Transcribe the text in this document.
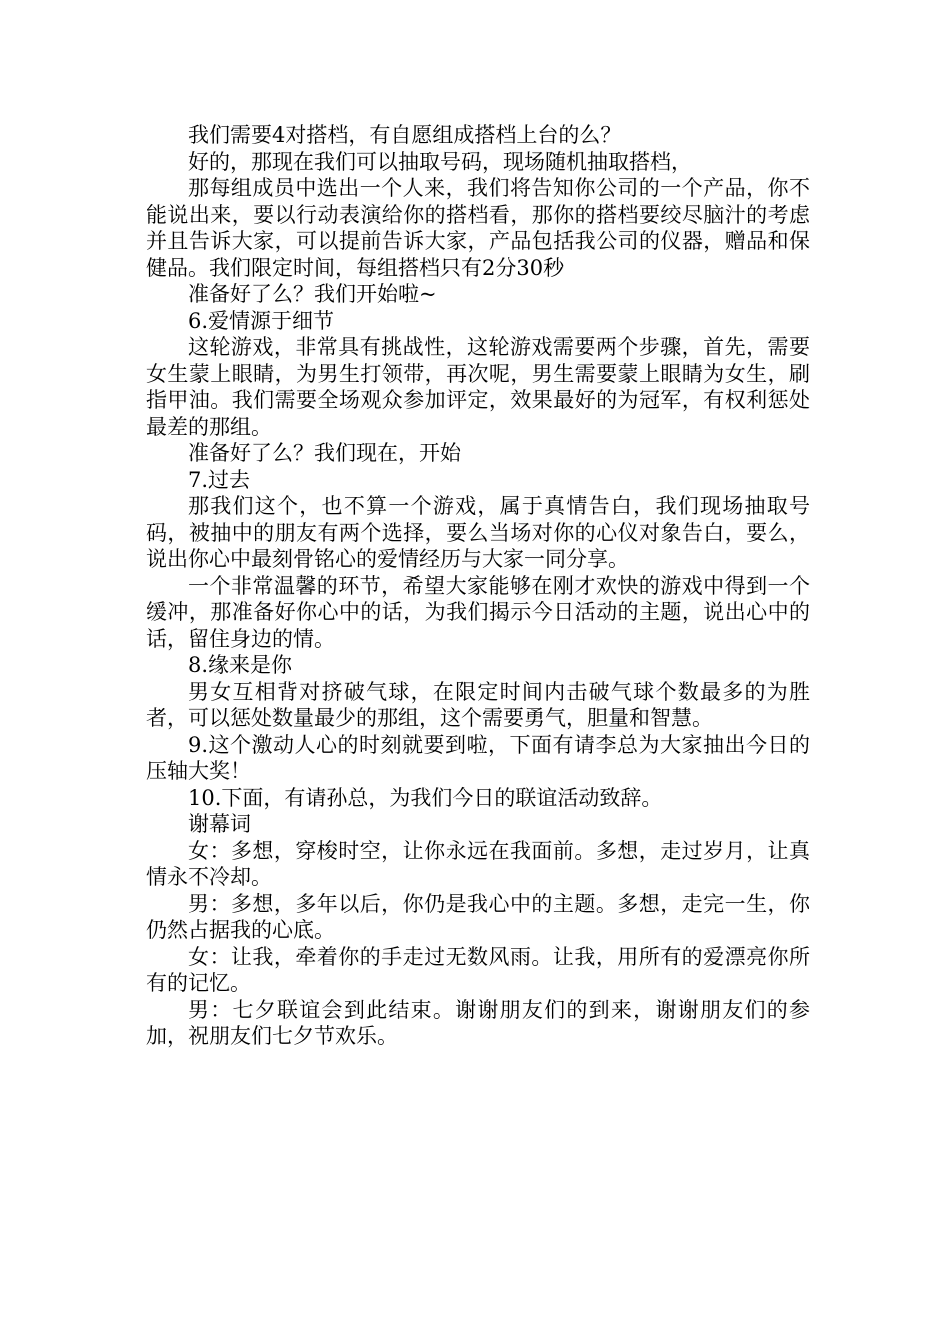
我们需要4对搭档，有自愿组成搭档上台的么？

好的，那现在我们可以抽取号码，现场随机抽取搭档，

那每组成员中选出一个人来，我们将告知你公司的一个产品，你不能说出来，要以行动表演给你的搭档看，那你的搭档要绞尽脑汁的考虑并且告诉大家，可以提前告诉大家，产品包括我公司的仪器，赠品和保健品。我们限定时间，每组搭档只有2分30秒

准备好了么？我们开始啦~

6.爱情源于细节

这轮游戏，非常具有挑战性，这轮游戏需要两个步骤，首先，需要女生蒙上眼睛，为男生打领带，再次呢，男生需要蒙上眼睛为女生，刷指甲油。我们需要全场观众参加评定，效果最好的为冠军，有权利惩处最差的那组。

准备好了么？我们现在，开始

7.过去

那我们这个，也不算一个游戏，属于真情告白，我们现场抽取号码，被抽中的朋友有两个选择，要么当场对你的心仪对象告白，要么，说出你心中最刻骨铭心的爱情经历与大家一同分享。

一个非常温馨的环节，希望大家能够在刚才欢快的游戏中得到一个缓冲，那准备好你心中的话，为我们揭示今日活动的主题，说出心中的话，留住身边的情。

8.缘来是你

男女互相背对挤破气球，在限定时间内击破气球个数最多的为胜者，可以惩处数量最少的那组，这个需要勇气，胆量和智慧。

9.这个激动人心的时刻就要到啦，下面有请李总为大家抽出今日的压轴大奖！

10.下面，有请孙总，为我们今日的联谊活动致辞。

谢幕词

女：多想，穿梭时空，让你永远在我面前。多想，走过岁月，让真情永不冷却。

男：多想，多年以后，你仍是我心中的主题。多想，走完一生，你仍然占据我的心底。

女：让我，牵着你的手走过无数风雨。让我，用所有的爱漂亮你所有的记忆。

男：七夕联谊会到此结束。谢谢朋友们的到来，谢谢朋友们的参加，祝朋友们七夕节欢乐。
